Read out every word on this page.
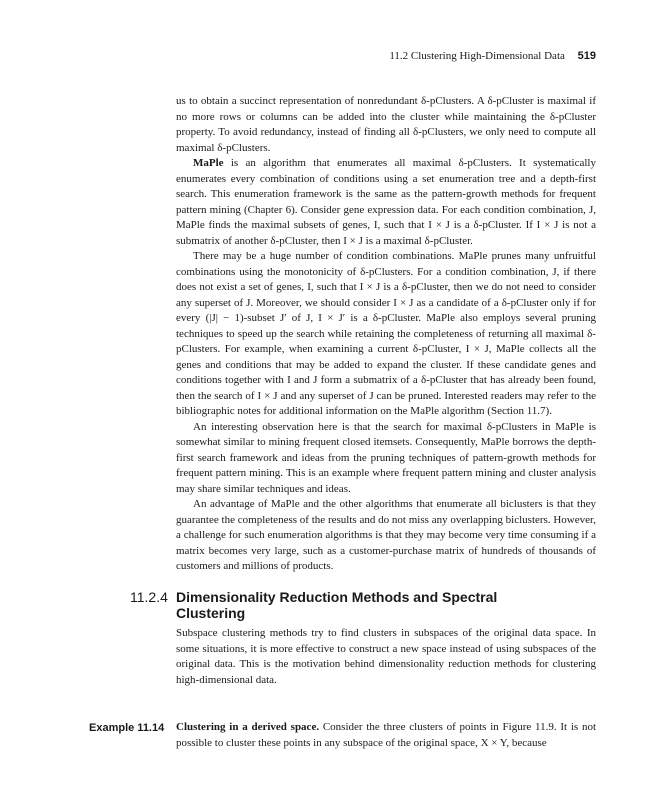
11.2 Clustering High-Dimensional Data 519

us to obtain a succinct representation of nonredundant δ-pClusters. A δ-pCluster is maximal if no more rows or columns can be added into the cluster while maintaining the δ-pCluster property. To avoid redundancy, instead of finding all δ-pClusters, we only need to compute all maximal δ-pClusters.

MaPle is an algorithm that enumerates all maximal δ-pClusters. It systematically enumerates every combination of conditions using a set enumeration tree and a depth-first search. This enumeration framework is the same as the pattern-growth methods for frequent pattern mining (Chapter 6). Consider gene expression data. For each condition combination, J, MaPle finds the maximal subsets of genes, I, such that I × J is a δ-pCluster. If I × J is not a submatrix of another δ-pCluster, then I × J is a maximal δ-pCluster.

There may be a huge number of condition combinations. MaPle prunes many unfruitful combinations using the monotonicity of δ-pClusters. For a condition combination, J, if there does not exist a set of genes, I, such that I × J is a δ-pCluster, then we do not need to consider any superset of J. Moreover, we should consider I × J as a candidate of a δ-pCluster only if for every (|J| − 1)-subset J′ of J, I × J′ is a δ-pCluster. MaPle also employs several pruning techniques to speed up the search while retaining the completeness of returning all maximal δ-pClusters. For example, when examining a current δ-pCluster, I × J, MaPle collects all the genes and conditions that may be added to expand the cluster. If these candidate genes and conditions together with I and J form a submatrix of a δ-pCluster that has already been found, then the search of I × J and any superset of J can be pruned. Interested readers may refer to the bibliographic notes for additional information on the MaPle algorithm (Section 11.7).

An interesting observation here is that the search for maximal δ-pClusters in MaPle is somewhat similar to mining frequent closed itemsets. Consequently, MaPle borrows the depth-first search framework and ideas from the pruning techniques of pattern-growth methods for frequent pattern mining. This is an example where frequent pattern mining and cluster analysis may share similar techniques and ideas.

An advantage of MaPle and the other algorithms that enumerate all biclusters is that they guarantee the completeness of the results and do not miss any overlapping biclusters. However, a challenge for such enumeration algorithms is that they may become very time consuming if a matrix becomes very large, such as a customer-purchase matrix of hundreds of thousands of customers and millions of products.

11.2.4 Dimensionality Reduction Methods and Spectral Clustering

Subspace clustering methods try to find clusters in subspaces of the original data space. In some situations, it is more effective to construct a new space instead of using subspaces of the original data. This is the motivation behind dimensionality reduction methods for clustering high-dimensional data.

Example 11.14 Clustering in a derived space. Consider the three clusters of points in Figure 11.9. It is not possible to cluster these points in any subspace of the original space, X × Y, because
